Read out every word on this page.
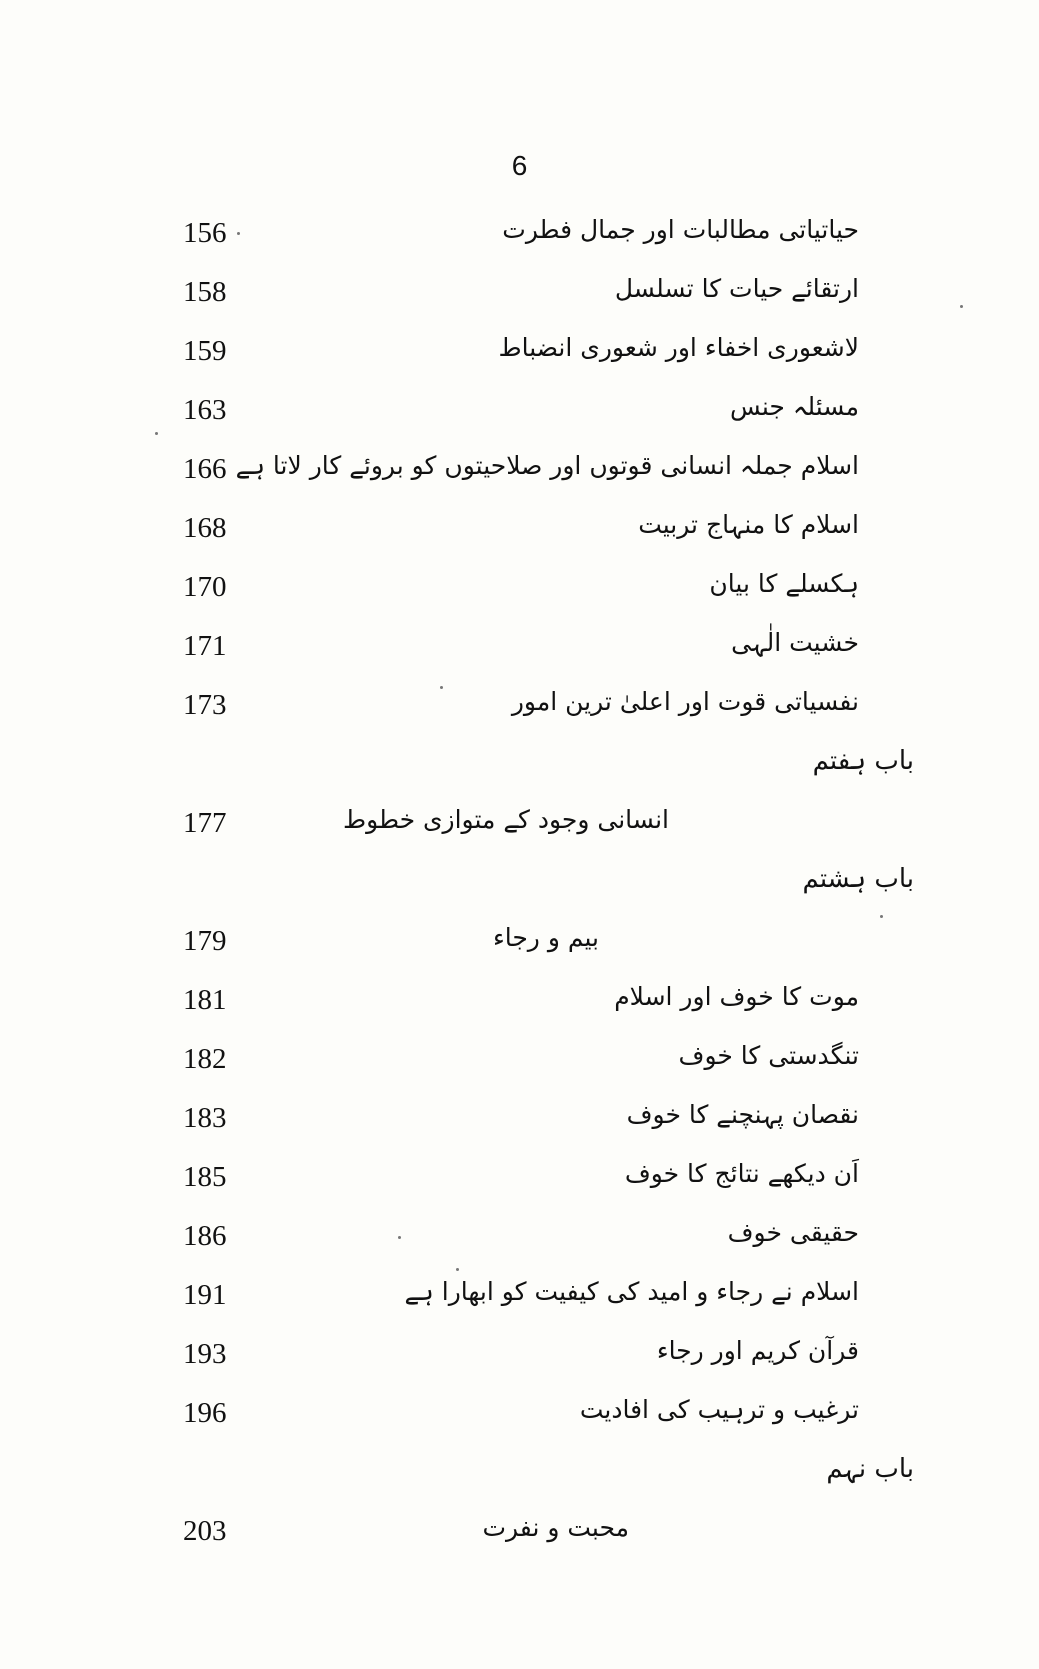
6
156	حیاتیاتی مطالبات اور جمال فطرت
158	ارتقائے حیات کا تسلسل
159	لاشعوری اخفاء اور شعوری انضباط
163	مسئلہ جنس
166 اسلام جملہ انسانی قوتوں اور صلاحیتوں کو بروئے کار لاتا ہے
168	اسلام کا منہاج تربیت
170	ہکسلے کا بیان
171	خشیت الٰہی
173	نفسیاتی قوت اور اعلیٰ ترین امور
باب ہفتم
177	انسانی وجود کے متوازی خطوط
باب ہشتم
179	بیم و رجاء
181	موت کا خوف اور اسلام
182	تنگدستی کا خوف
183	نقصان پہنچنے کا خوف
185	اَن دیکھے نتائج کا خوف
186	حقیقی خوف
191	اسلام نے رجاء و امید کی کیفیت کو ابھارا ہے
193	قرآن کریم اور رجاء
196	ترغیب و ترہیب کی افادیت
باب نہم
203	محبت و نفرت
